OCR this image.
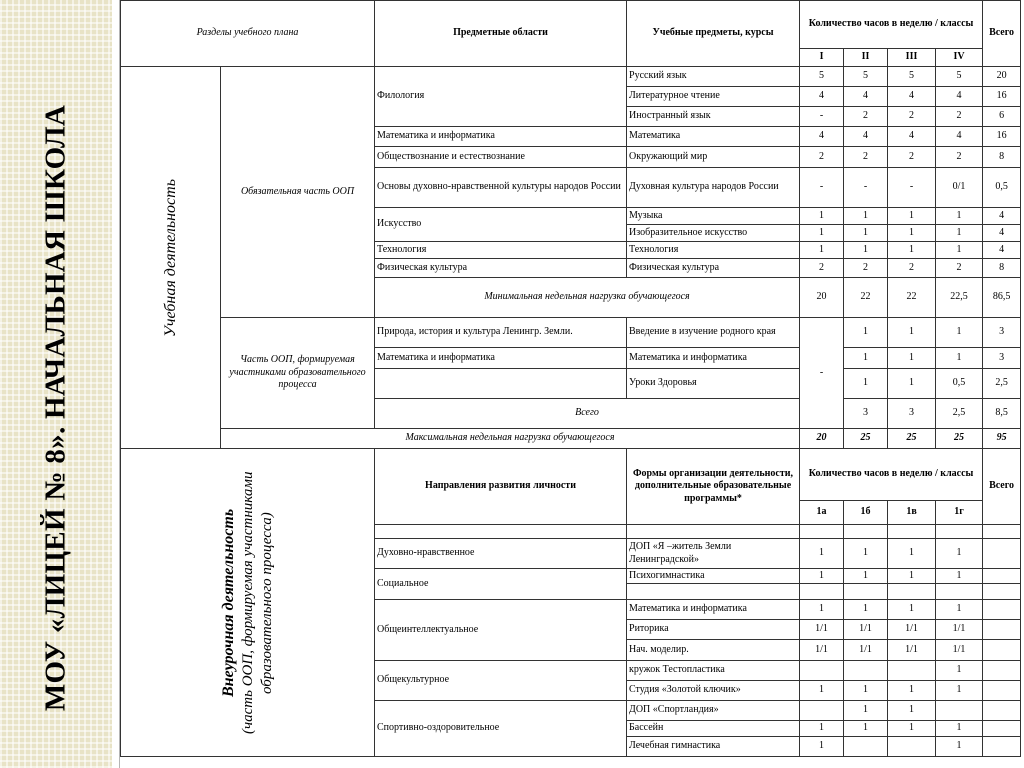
МОУ «ЛИЦЕЙ № 8». НАЧАЛЬНАЯ ШКОЛА
Разделы учебного плана		Предметные области	Учебные предметы, курсы	Количество часов в неделю / классы				Всего
				I	II	III	IV	

Учебная деятельность	Обязательная часть ООП	Филология	Русский язык	5	5	5	5	20
			Литературное чтение	4	4	4	4	16
			Иностранный язык	-	2	2	2	6
		Математика и информатика	Математика	4	4	4	4	16
		Обществознание и естествознание	Окружающий мир	2	2	2	2	8
		Основы духовно-нравственной культуры народов России	Духовная культура народов России	-	-	-	0/1	0,5
		Искусство	Музыка	1	1	1	1	4
			Изобразительное искусство	1	1	1	1	4
		Технология	Технология	1	1	1	1	4
		Физическая культура	Физическая культура	2	2	2	2	8
		Минимальная недельная нагрузка обучающегося		20	22	22	22,5	86,5
	Часть ООП, формируемая участниками образовательного процесса	Природа, история и культура Ленингр. Земли.	Введение в изучение родного края	-	1	1	1	3
		Математика и информатика	Математика и информатика		1	1	1	3
			Уроки Здоровья		1	1	0,5	2,5
		Всего			3	3	2,5	8,5
	Максимальная недельная нагрузка обучающегося			20	25	25	25	95

Внеурочная деятельность (часть ООП, формируемая участниками образовательного процесса)		Направления развития личности	Формы организации деятельности, дополнительные образовательные программы*	Количество часов в неделю / классы				Всего
				1а	1б	1в	1г	

		Духовно-нравственное	ДОП «Я –житель Земли Ленинградской»	1	1	1	1	
		Социальное	Психогимнастика	1	1	1	1	

		Общеинтеллектуальное	Математика и информатика	1	1	1	1	
			Риторика	1/1	1/1	1/1	1/1	
			Нач. моделир.	1/1	1/1	1/1	1/1	
		Общекультурное	кружок Тестопластика				1	
			Студия «Золотой ключик»	1	1	1	1	
		Спортивно-оздоровительное	ДОП «Спортландия»		1	1		
			Бассейн	1	1	1	1	
			Лечебная гимнастика	1			1	
